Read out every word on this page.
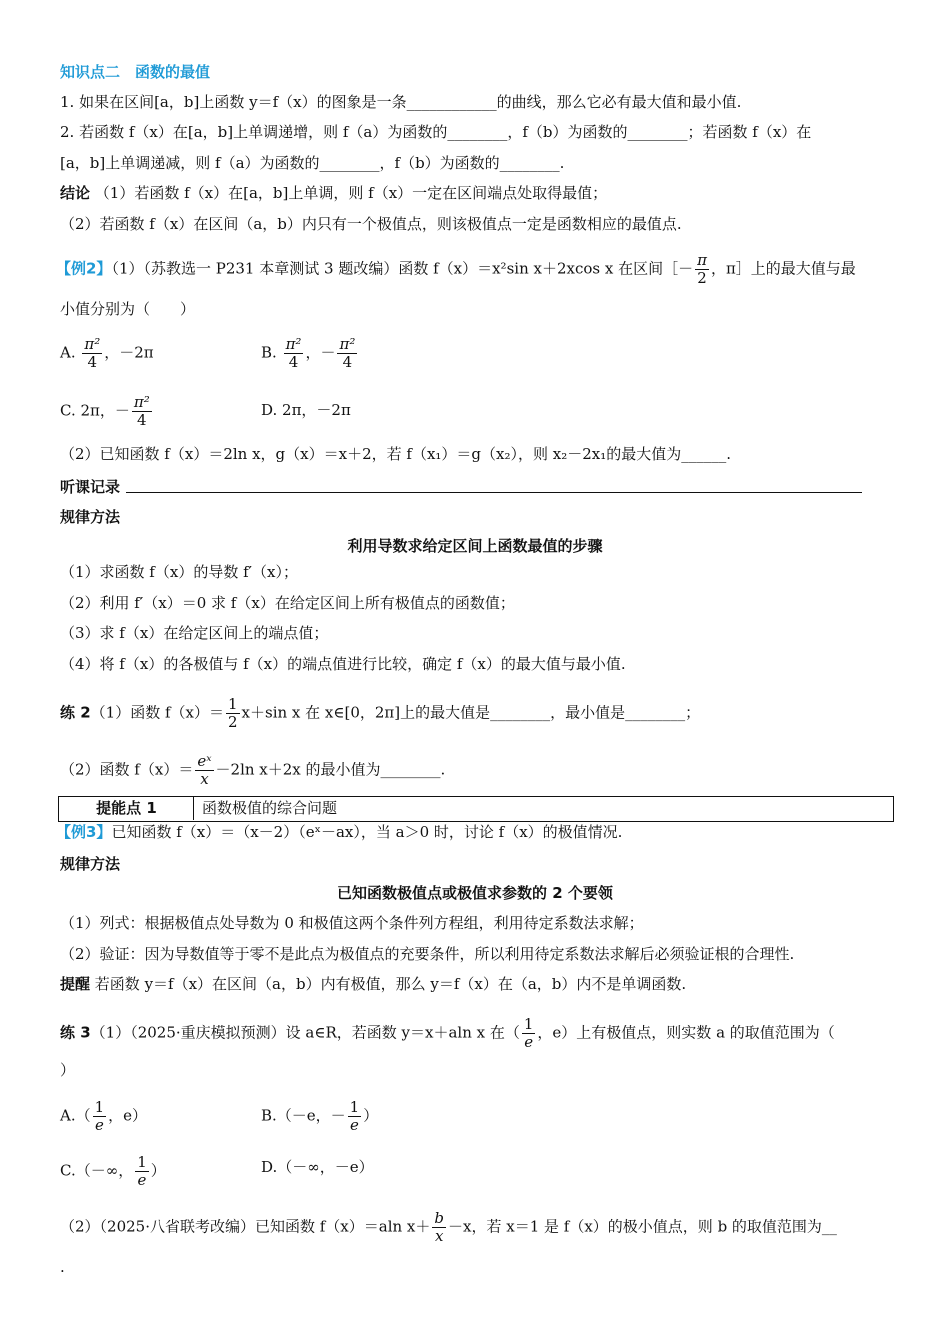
知识点二　函数的最值
1. 如果在区间[a，b]上函数 y＝f（x）的图象是一条____________的曲线，那么它必有最大值和最小值.
2. 若函数 f（x）在[a，b]上单调递增，则 f（a）为函数的________，f（b）为函数的________；若函数 f（x）在
[a，b]上单调递减，则 f（a）为函数的________，f（b）为函数的________.
结论 （1）若函数 f（x）在[a，b]上单调，则 f（x）一定在区间端点处取得最值；
（2）若函数 f（x）在区间（a，b）内只有一个极值点，则该极值点一定是函数相应的最值点.
【例2】（1）（苏教选一 P231 本章测试 3 题改编）函数 f（x）＝x²sin x＋2xcos x 在区间［－ $\frac{\pi}{2}$ ，π］上的最大值与最
小值分别为（　　）
A. $\frac{\text{π²}}{4}$ ，－2π	B. $\frac{\text{π²}}{4}$ ，－ $\frac{\text{π²}}{4}$
C. 2π，－ $\frac{\text{π²}}{4}$	D. 2π，－2π
（2）已知函数 f（x）＝2ln x，g（x）＝x＋2，若 f（x₁）＝g（x₂），则 x₂－2x₁的最大值为______.
听课记录
规律方法
利用导数求给定区间上函数最值的步骤
（1）求函数 f（x）的导数 f′（x）；
（2）利用 f′（x）＝0 求 f（x）在给定区间上所有极值点的函数值；
（3）求 f（x）在给定区间上的端点值；
（4）将 f（x）的各极值与 f（x）的端点值进行比较，确定 f（x）的最大值与最小值.
练 2（1）函数 $f(x)= \frac{1}{2} x+\sin$ x 在 x∈[0，2π]上的最大值是________，最小值是________；
（2）函数 $f(x)= \frac{\text{eˣ}}{x} -2\ln$ x＋2x 的最小值为________.
提能点 1	函数极值的综合问题
【例3】已知函数 f（x）＝（x－2）（eˣ－ax），当 a＞0 时，讨论 f（x）的极值情况.
规律方法
已知函数极值点或极值求参数的 2 个要领
（1）列式：根据极值点处导数为 0 和极值这两个条件列方程组，利用待定系数法求解；
（2）验证：因为导数值等于零不是此点为极值点的充要条件，所以利用待定系数法求解后必须验证根的合理性.
提醒 若函数 y＝f（x）在区间（a，b）内有极值，那么 y＝f（x）在（a，b）内不是单调函数.
练 3（1）（2025·重庆模拟预测）设 a∈R，若函数 y＝x＋aln x 在（ $\frac{1}{e}$ ，e）上有极值点，则实数 a 的取值范围为（
）
$A.( \frac{1}{e}$ ，e）	B.（－e，－ $\frac{1}{e}$ ）
C.（－∞， $\frac{1}{e}$ ）	D.（－∞，－e）
（2）（2025·八省联考改编）已知函数 f（x）＝aln $x+ \frac{b}{x} -x$，若 x＝1 是 f（x）的极小值点，则 b 的取值范围为__
.
